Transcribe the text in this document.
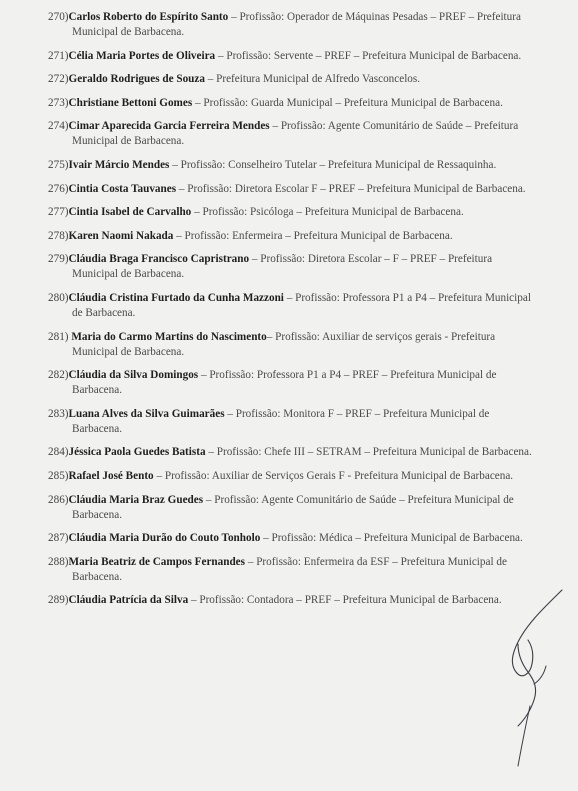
270)Carlos Roberto do Espírito Santo – Profissão: Operador de Máquinas Pesadas – PREF – Prefeitura Municipal de Barbacena.

271)Célia Maria Portes de Oliveira – Profissão: Servente – PREF – Prefeitura Municipal de Barbacena.

272)Geraldo Rodrigues de Souza – Prefeitura Municipal de Alfredo Vasconcelos.

273)Christiane Bettoni Gomes – Profissão: Guarda Municipal – Prefeitura Municipal de Barbacena.

274)Cimar Aparecida Garcia Ferreira Mendes – Profissão: Agente Comunitário de Saúde – Prefeitura Municipal de Barbacena.

275)Ivair Márcio Mendes – Profissão: Conselheiro Tutelar – Prefeitura Municipal de Ressaquinha.

276)Cintia Costa Tauvanes – Profissão: Diretora Escolar F – PREF – Prefeitura Municipal de Barbacena.

277)Cintia Isabel de Carvalho – Profissão: Psicóloga – Prefeitura Municipal de Barbacena.

278)Karen Naomi Nakada – Profissão: Enfermeira – Prefeitura Municipal de Barbacena.

279)Cláudia Braga Francisco Capristrano – Profissão: Diretora Escolar – F – PREF – Prefeitura Municipal de Barbacena.

280)Cláudia Cristina Furtado da Cunha Mazzoni – Profissão: Professora P1 a P4 – Prefeitura Municipal de Barbacena.

281) Maria do Carmo Martins do Nascimento– Profissão: Auxiliar de serviços gerais - Prefeitura Municipal de Barbacena.

282)Cláudia da Silva Domingos – Profissão: Professora P1 a P4 – PREF – Prefeitura Municipal de Barbacena.

283)Luana Alves da Silva Guimarães – Profissão: Monitora F – PREF – Prefeitura Municipal de Barbacena.

284)Jéssica Paola Guedes Batista – Profissão: Chefe III – SETRAM – Prefeitura Municipal de Barbacena.

285)Rafael José Bento – Profissão: Auxiliar de Serviços Gerais F - Prefeitura Municipal de Barbacena.

286)Cláudia Maria Braz Guedes – Profissão: Agente Comunitário de Saúde – Prefeitura Municipal de Barbacena.

287)Cláudia Maria Durão do Couto Tonholo – Profissão: Médica – Prefeitura Municipal de Barbacena.

288)Maria Beatriz de Campos Fernandes – Profissão: Enfermeira da ESF – Prefeitura Municipal de Barbacena.

289)Cláudia Patrícia da Silva – Profissão: Contadora – PREF – Prefeitura Municipal de Barbacena.
